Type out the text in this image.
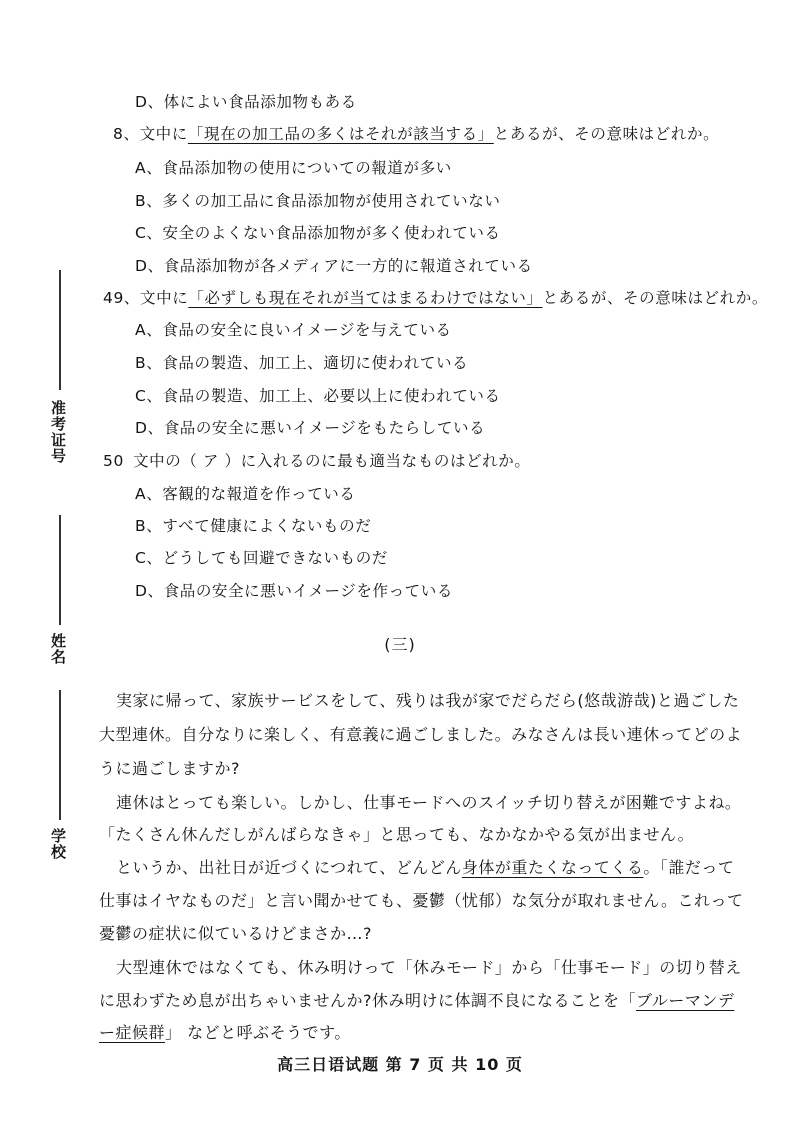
准考证号
姓名
学校
D、体によい食品添加物もある
8、文中に「現在の加工品の多くはそれが該当する」とあるが、その意味はどれか。
A、食品添加物の使用についての報道が多い
B、多くの加工品に食品添加物が使用されていない
C、安全のよくない食品添加物が多く使われている
D、食品添加物が各メディアに一方的に報道されている
49、文中に「必ずしも現在それが当てはまるわけではない」とあるが、その意味はどれか。
A、食品の安全に良いイメージを与えている
B、食品の製造、加工上、適切に使われている
C、食品の製造、加工上、必要以上に使われている
D、食品の安全に悪いイメージをもたらしている
50 文中の（ ア ）に入れるのに最も適当なものはどれか。
A、客観的な報道を作っている
B、すべて健康によくないものだ
C、どうしても回避できないものだ
D、食品の安全に悪いイメージを作っている
(三)
実家に帰って、家族サービスをして、残りは我が家でだらだら(悠哉游哉)と過ごした
大型連休。自分なりに楽しく、有意義に過ごしました。みなさんは長い連休ってどのよ
うに過ごしますか?
連休はとっても楽しい。しかし、仕事モードへのスイッチ切り替えが困難ですよね。
「たくさん休んだしがんばらなきゃ」と思っても、なかなかやる気が出ません。
というか、出社日が近づくにつれて、どんどん身体が重たくなってくる。「誰だって
仕事はイヤなものだ」と言い聞かせても、憂鬱（忧郁）な気分が取れません。これって
憂鬱の症状に似ているけどまさか…?
大型連休ではなくても、休み明けって「休みモード」から「仕事モード」の切り替え
に思わずため息が出ちゃいませんか?休み明けに体調不良になることを「ブルーマンデ
ー症候群」 などと呼ぶそうです。
高三日语试题 第 7 页 共 10 页
